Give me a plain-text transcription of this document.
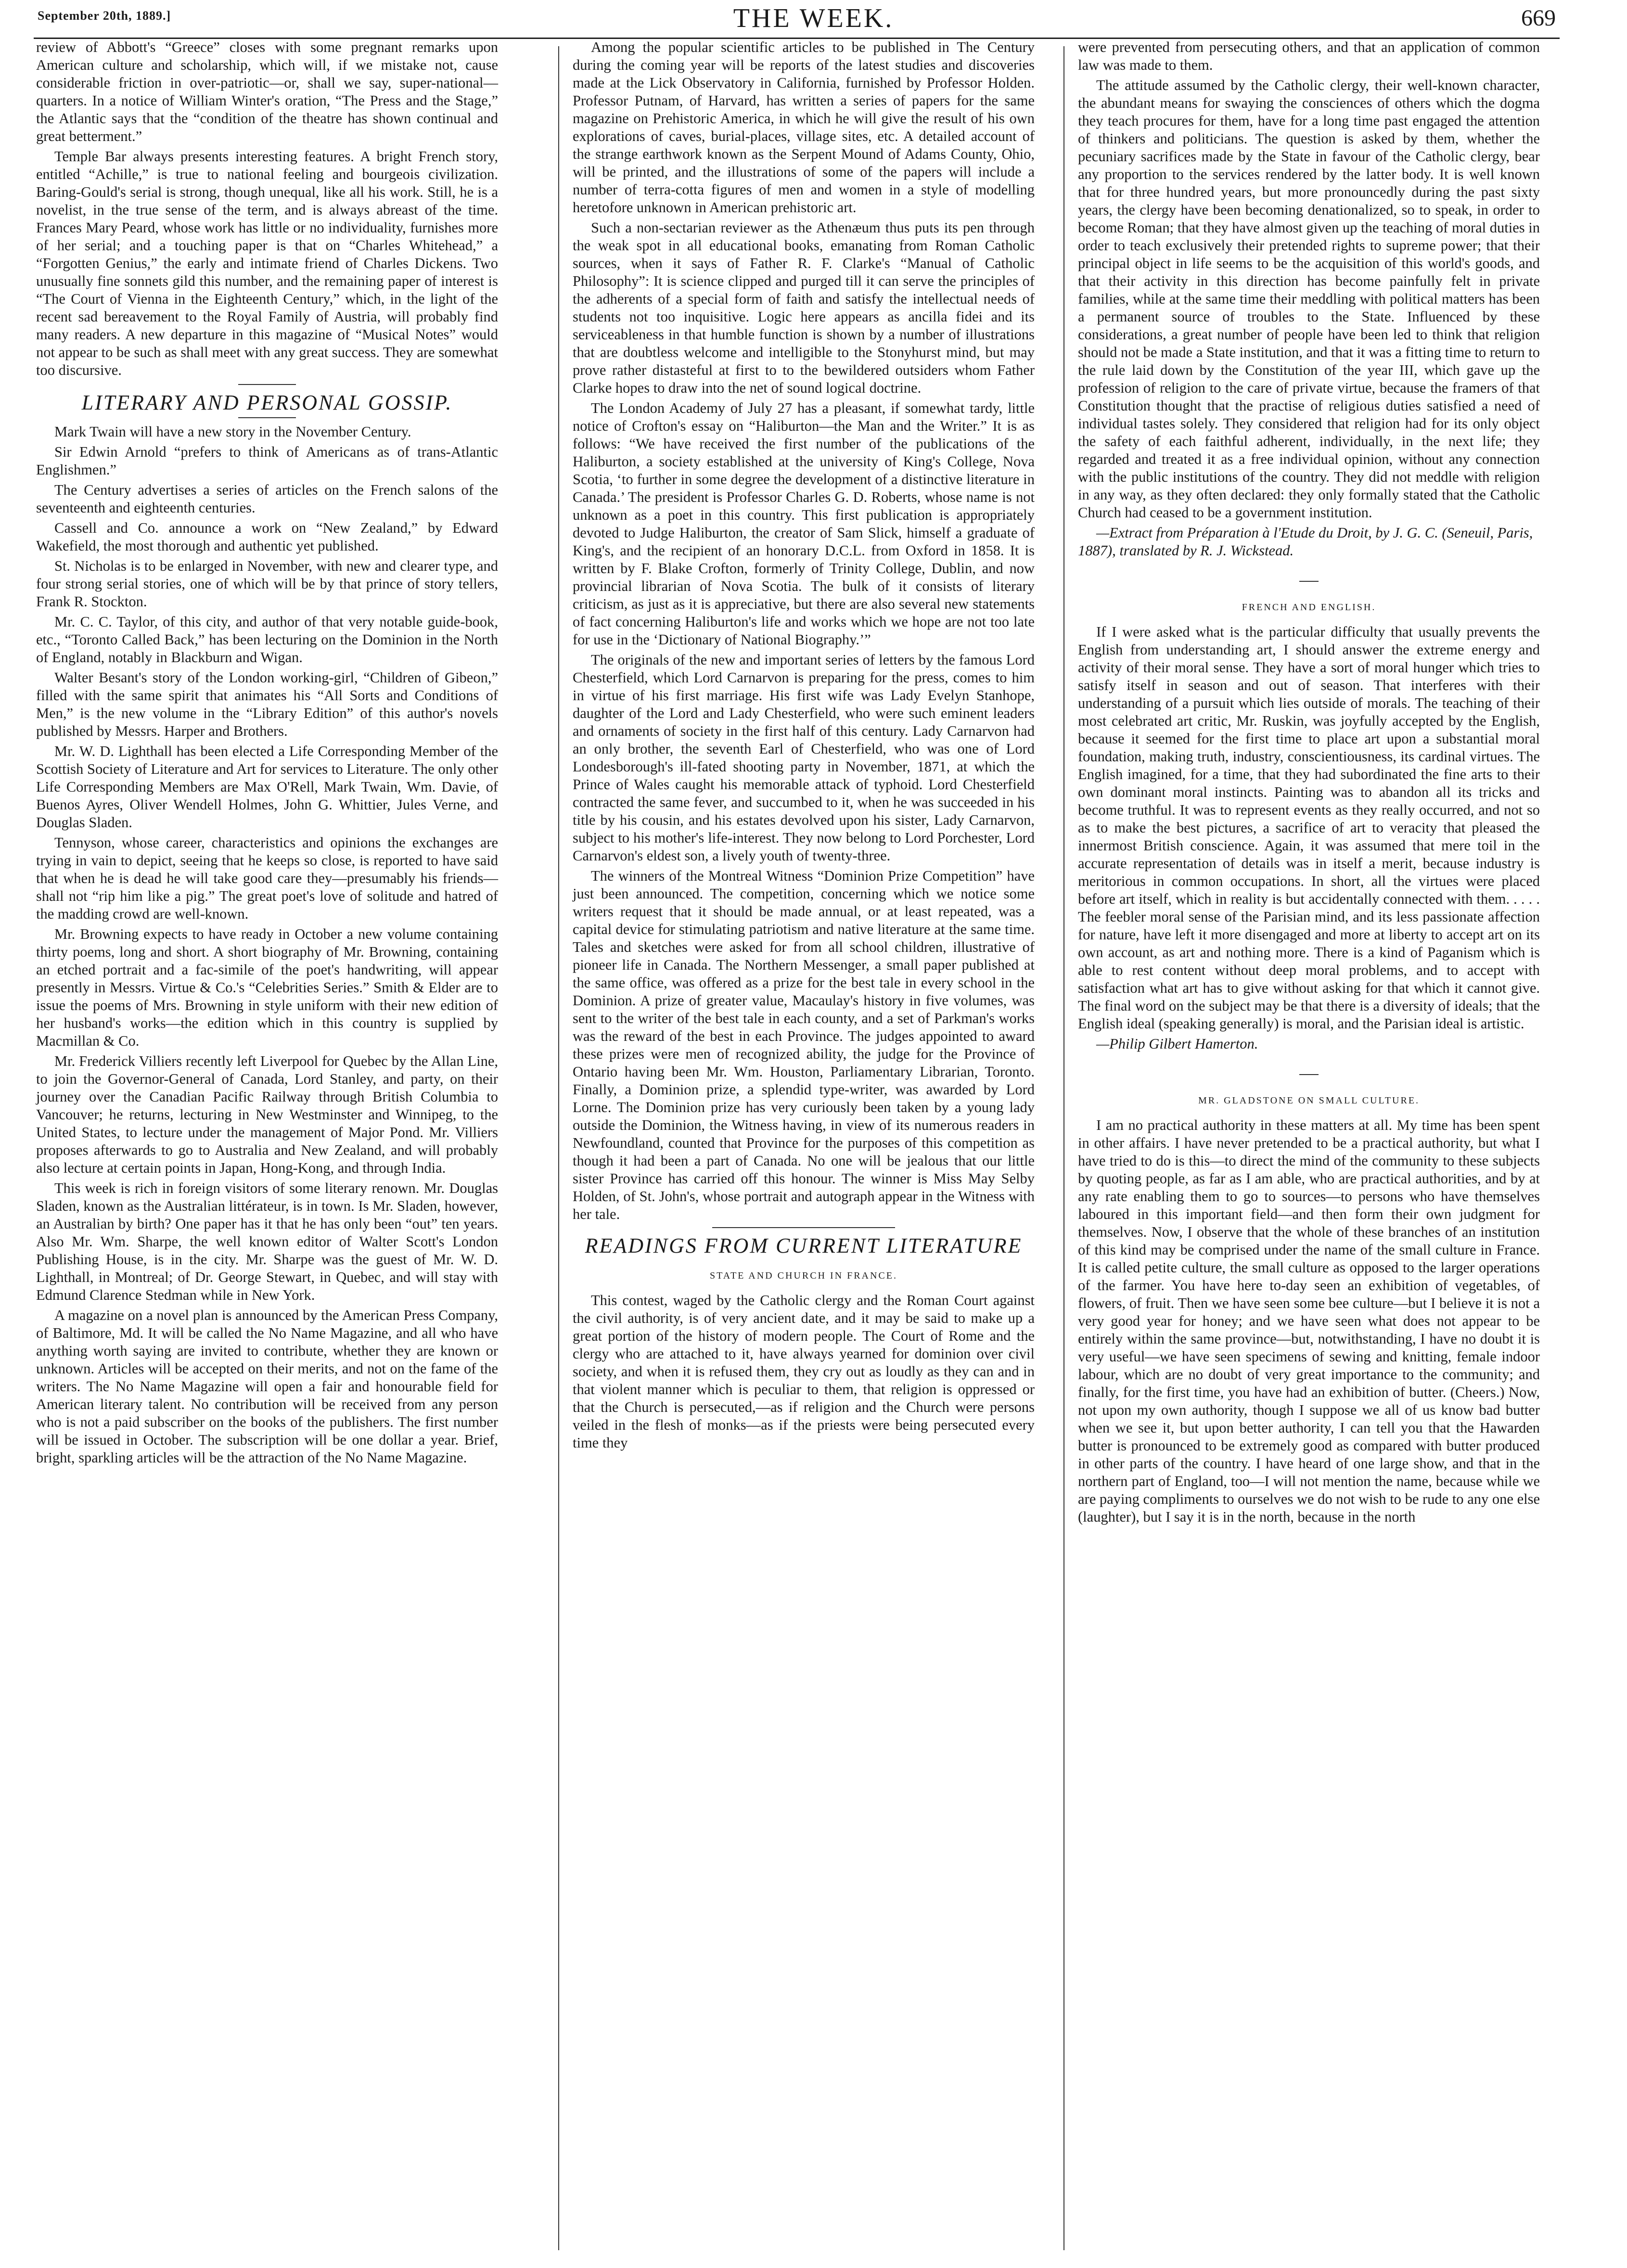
September 20th, 1889.]	THE WEEK.	669

review of Abbott's “Greece” closes with some pregnant remarks upon American culture and scholarship, which will, if we mistake not, cause considerable friction in over-patriotic—or, shall we say, super-national—quarters. In a notice of William Winter's oration, “The Press and the Stage,” the Atlantic says that the “condition of the theatre has shown continual and great betterment.”

Temple Bar always presents interesting features. A bright French story, entitled “Achille,” is true to national feeling and bourgeois civilization. Baring-Gould's serial is strong, though unequal, like all his work. Still, he is a novelist, in the true sense of the term, and is always abreast of the time. Frances Mary Peard, whose work has little or no individuality, furnishes more of her serial; and a touching paper is that on “Charles Whitehead,” a “Forgotten Genius,” the early and intimate friend of Charles Dickens. Two unusually fine sonnets gild this number, and the remaining paper of interest is “The Court of Vienna in the Eighteenth Century,” which, in the light of the recent sad bereavement to the Royal Family of Austria, will probably find many readers. A new departure in this magazine of “Musical Notes” would not appear to be such as shall meet with any great success. They are somewhat too discursive.

LITERARY AND PERSONAL GOSSIP.

Mark Twain will have a new story in the November Century.

Sir Edwin Arnold “prefers to think of Americans as of trans-Atlantic Englishmen.”

The Century advertises a series of articles on the French salons of the seventeenth and eighteenth centuries.

Cassell and Co. announce a work on “New Zealand,” by Edward Wakefield, the most thorough and authentic yet published.

St. Nicholas is to be enlarged in November, with new and clearer type, and four strong serial stories, one of which will be by that prince of story tellers, Frank R. Stockton.

Mr. C. C. Taylor, of this city, and author of that very notable guide-book, etc., “Toronto Called Back,” has been lecturing on the Dominion in the North of England, notably in Blackburn and Wigan.

Walter Besant's story of the London working-girl, “Children of Gibeon,” filled with the same spirit that animates his “All Sorts and Conditions of Men,” is the new volume in the “Library Edition” of this author's novels published by Messrs. Harper and Brothers.

Mr. W. D. Lighthall has been elected a Life Corresponding Member of the Scottish Society of Literature and Art for services to Literature. The only other Life Corresponding Members are Max O'Rell, Mark Twain, Wm. Davie, of Buenos Ayres, Oliver Wendell Holmes, John G. Whittier, Jules Verne, and Douglas Sladen.

Tennyson, whose career, characteristics and opinions the exchanges are trying in vain to depict, seeing that he keeps so close, is reported to have said that when he is dead he will take good care they—presumably his friends—shall not “rip him like a pig.” The great poet's love of solitude and hatred of the madding crowd are well-known.

Mr. Browning expects to have ready in October a new volume containing thirty poems, long and short. A short biography of Mr. Browning, containing an etched portrait and a fac-simile of the poet's handwriting, will appear presently in Messrs. Virtue & Co.'s “Celebrities Series.” Smith & Elder are to issue the poems of Mrs. Browning in style uniform with their new edition of her husband's works—the edition which in this country is supplied by Macmillan & Co.

Mr. Frederick Villiers recently left Liverpool for Quebec by the Allan Line, to join the Governor-General of Canada, Lord Stanley, and party, on their journey over the Canadian Pacific Railway through British Columbia to Vancouver; he returns, lecturing in New Westminster and Winnipeg, to the United States, to lecture under the management of Major Pond. Mr. Villiers proposes afterwards to go to Australia and New Zealand, and will probably also lecture at certain points in Japan, Hong-Kong, and through India.

This week is rich in foreign visitors of some literary renown. Mr. Douglas Sladen, known as the Australian littérateur, is in town. Is Mr. Sladen, however, an Australian by birth? One paper has it that he has only been “out” ten years. Also Mr. Wm. Sharpe, the well known editor of Walter Scott's London Publishing House, is in the city. Mr. Sharpe was the guest of Mr. W. D. Lighthall, in Montreal; of Dr. George Stewart, in Quebec, and will stay with Edmund Clarence Stedman while in New York.

A magazine on a novel plan is announced by the American Press Company, of Baltimore, Md. It will be called the No Name Magazine, and all who have anything worth saying are invited to contribute, whether they are known or unknown. Articles will be accepted on their merits, and not on the fame of the writers. The No Name Magazine will open a fair and honourable field for American literary talent. No contribution will be received from any person who is not a paid subscriber on the books of the publishers. The first number will be issued in October. The subscription will be one dollar a year. Brief, bright, sparkling articles will be the attraction of the No Name Magazine.

Among the popular scientific articles to be published in The Century during the coming year will be reports of the latest studies and discoveries made at the Lick Observatory in California, furnished by Professor Holden. Professor Putnam, of Harvard, has written a series of papers for the same magazine on Prehistoric America, in which he will give the result of his own explorations of caves, burial-places, village sites, etc. A detailed account of the strange earthwork known as the Serpent Mound of Adams County, Ohio, will be printed, and the illustrations of some of the papers will include a number of terra-cotta figures of men and women in a style of modelling heretofore unknown in American prehistoric art.

Such a non-sectarian reviewer as the Athenæum thus puts its pen through the weak spot in all educational books, emanating from Roman Catholic sources, when it says of Father R. F. Clarke's “Manual of Catholic Philosophy”: It is science clipped and purged till it can serve the principles of the adherents of a special form of faith and satisfy the intellectual needs of students not too inquisitive. Logic here appears as ancilla fidei and its serviceableness in that humble function is shown by a number of illustrations that are doubtless welcome and intelligible to the Stonyhurst mind, but may prove rather distasteful at first to to the bewildered outsiders whom Father Clarke hopes to draw into the net of sound logical doctrine.

The London Academy of July 27 has a pleasant, if somewhat tardy, little notice of Crofton's essay on “Haliburton—the Man and the Writer.” It is as follows: “We have received the first number of the publications of the Haliburton, a society established at the university of King's College, Nova Scotia, ‘to further in some degree the development of a distinctive literature in Canada.’ The president is Professor Charles G. D. Roberts, whose name is not unknown as a poet in this country. This first publication is appropriately devoted to Judge Haliburton, the creator of Sam Slick, himself a graduate of King's, and the recipient of an honorary D.C.L. from Oxford in 1858. It is written by F. Blake Crofton, formerly of Trinity College, Dublin, and now provincial librarian of Nova Scotia. The bulk of it consists of literary criticism, as just as it is appreciative, but there are also several new statements of fact concerning Haliburton's life and works which we hope are not too late for use in the ‘Dictionary of National Biography.’”

The originals of the new and important series of letters by the famous Lord Chesterfield, which Lord Carnarvon is preparing for the press, comes to him in virtue of his first marriage. His first wife was Lady Evelyn Stanhope, daughter of the Lord and Lady Chesterfield, who were such eminent leaders and ornaments of society in the first half of this century. Lady Carnarvon had an only brother, the seventh Earl of Chesterfield, who was one of Lord Londesborough's ill-fated shooting party in November, 1871, at which the Prince of Wales caught his memorable attack of typhoid. Lord Chesterfield contracted the same fever, and succumbed to it, when he was succeeded in his title by his cousin, and his estates devolved upon his sister, Lady Carnarvon, subject to his mother's life-interest. They now belong to Lord Porchester, Lord Carnarvon's eldest son, a lively youth of twenty-three.

The winners of the Montreal Witness “Dominion Prize Competition” have just been announced. The competition, concerning which we notice some writers request that it should be made annual, or at least repeated, was a capital device for stimulating patriotism and native literature at the same time. Tales and sketches were asked for from all school children, illustrative of pioneer life in Canada. The Northern Messenger, a small paper published at the same office, was offered as a prize for the best tale in every school in the Dominion. A prize of greater value, Macaulay's history in five volumes, was sent to the writer of the best tale in each county, and a set of Parkman's works was the reward of the best in each Province. The judges appointed to award these prizes were men of recognized ability, the judge for the Province of Ontario having been Mr. Wm. Houston, Parliamentary Librarian, Toronto. Finally, a Dominion prize, a splendid type-writer, was awarded by Lord Lorne. The Dominion prize has very curiously been taken by a young lady outside the Dominion, the Witness having, in view of its numerous readers in Newfoundland, counted that Province for the purposes of this competition as though it had been a part of Canada. No one will be jealous that our little sister Province has carried off this honour. The winner is Miss May Selby Holden, of St. John's, whose portrait and autograph appear in the Witness with her tale.

READINGS FROM CURRENT LITERATURE
STATE AND CHURCH IN FRANCE.

This contest, waged by the Catholic clergy and the Roman Court against the civil authority, is of very ancient date, and it may be said to make up a great portion of the history of modern people. The Court of Rome and the clergy who are attached to it, have always yearned for dominion over civil society, and when it is refused them, they cry out as loudly as they can and in that violent manner which is peculiar to them, that religion is oppressed or that the Church is persecuted,—as if religion and the Church were persons veiled in the flesh of monks—as if the priests were being persecuted every time they

were prevented from persecuting others, and that an application of common law was made to them.

The attitude assumed by the Catholic clergy, their well-known character, the abundant means for swaying the consciences of others which the dogma they teach procures for them, have for a long time past engaged the attention of thinkers and politicians. The question is asked by them, whether the pecuniary sacrifices made by the State in favour of the Catholic clergy, bear any proportion to the services rendered by the latter body. It is well known that for three hundred years, but more pronouncedly during the past sixty years, the clergy have been becoming denationalized, so to speak, in order to become Roman; that they have almost given up the teaching of moral duties in order to teach exclusively their pretended rights to supreme power; that their principal object in life seems to be the acquisition of this world's goods, and that their activity in this direction has become painfully felt in private families, while at the same time their meddling with political matters has been a permanent source of troubles to the State. Influenced by these considerations, a great number of people have been led to think that religion should not be made a State institution, and that it was a fitting time to return to the rule laid down by the Constitution of the year III, which gave up the profession of religion to the care of private virtue, because the framers of that Constitution thought that the practise of religious duties satisfied a need of individual tastes solely. They considered that religion had for its only object the safety of each faithful adherent, individually, in the next life; they regarded and treated it as a free individual opinion, without any connection with the public institutions of the country. They did not meddle with religion in any way, as they often declared: they only formally stated that the Catholic Church had ceased to be a government institution.

—Extract from Préparation à l'Etude du Droit, by J. G. C. (Seneuil, Paris, 1887), translated by R. J. Wickstead.

FRENCH AND ENGLISH.

If I were asked what is the particular difficulty that usually prevents the English from understanding art, I should answer the extreme energy and activity of their moral sense. They have a sort of moral hunger which tries to satisfy itself in season and out of season. That interferes with their understanding of a pursuit which lies outside of morals. The teaching of their most celebrated art critic, Mr. Ruskin, was joyfully accepted by the English, because it seemed for the first time to place art upon a substantial moral foundation, making truth, industry, conscientiousness, its cardinal virtues. The English imagined, for a time, that they had subordinated the fine arts to their own dominant moral instincts. Painting was to abandon all its tricks and become truthful. It was to represent events as they really occurred, and not so as to make the best pictures, a sacrifice of art to veracity that pleased the innermost British conscience. Again, it was assumed that mere toil in the accurate representation of details was in itself a merit, because industry is meritorious in common occupations. In short, all the virtues were placed before art itself, which in reality is but accidentally connected with them. . . . . The feebler moral sense of the Parisian mind, and its less passionate affection for nature, have left it more disengaged and more at liberty to accept art on its own account, as art and nothing more. There is a kind of Paganism which is able to rest content without deep moral problems, and to accept with satisfaction what art has to give without asking for that which it cannot give. The final word on the subject may be that there is a diversity of ideals; that the English ideal (speaking generally) is moral, and the Parisian ideal is artistic.

—Philip Gilbert Hamerton.

MR. GLADSTONE ON SMALL CULTURE.

I am no practical authority in these matters at all. My time has been spent in other affairs. I have never pretended to be a practical authority, but what I have tried to do is this—to direct the mind of the community to these subjects by quoting people, as far as I am able, who are practical authorities, and by at any rate enabling them to go to sources—to persons who have themselves laboured in this important field—and then form their own judgment for themselves. Now, I observe that the whole of these branches of an institution of this kind may be comprised under the name of the small culture in France. It is called petite culture, the small culture as opposed to the larger operations of the farmer. You have here to-day seen an exhibition of vegetables, of flowers, of fruit. Then we have seen some bee culture—but I believe it is not a very good year for honey; and we have seen what does not appear to be entirely within the same province—but, notwithstanding, I have no doubt it is very useful—we have seen specimens of sewing and knitting, female indoor labour, which are no doubt of very great importance to the community; and finally, for the first time, you have had an exhibition of butter. (Cheers.) Now, not upon my own authority, though I suppose we all of us know bad butter when we see it, but upon better authority, I can tell you that the Hawarden butter is pronounced to be extremely good as compared with butter produced in other parts of the country. I have heard of one large show, and that in the northern part of England, too—I will not mention the name, because while we are paying compliments to ourselves we do not wish to be rude to any one else (laughter), but I say it is in the north, because in the north
